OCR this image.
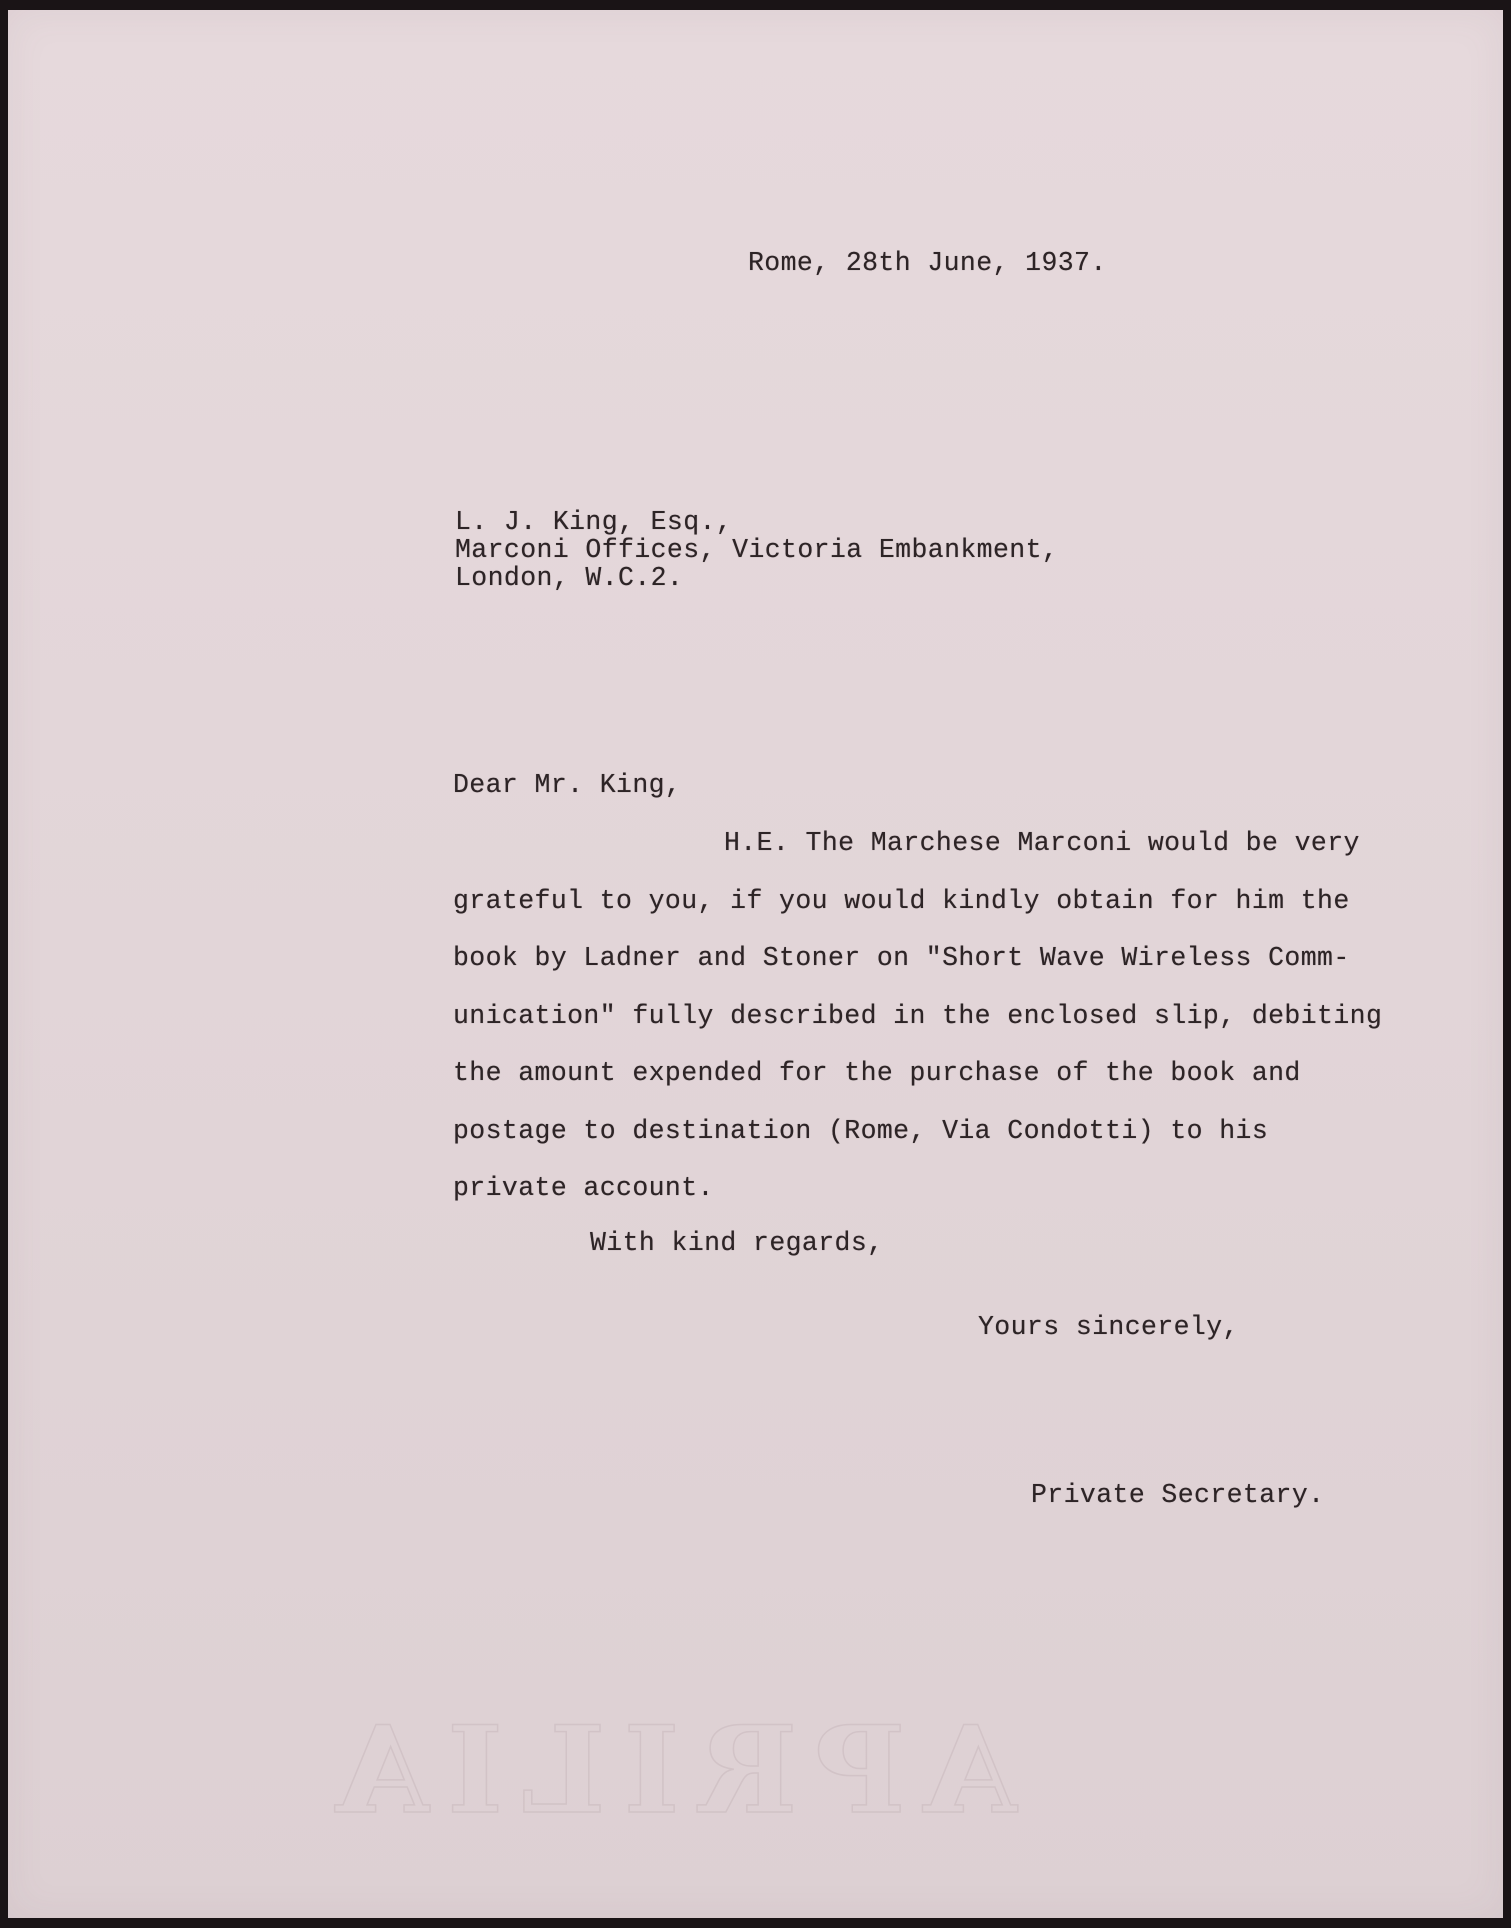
Rome, 28th June, 1937.
L. J. King, Esq.,
Marconi Offices, Victoria Embankment,
London, W.C.2.
Dear Mr. King,
H.E. The Marchese Marconi would be very
grateful to you, if you would kindly obtain for him the
book by Ladner and Stoner on "Short Wave Wireless Comm-
unication" fully described in the enclosed slip, debiting
the amount expended for the purchase of the book and
postage to destination (Rome, Via Condotti) to his
private account.
With kind regards,
Yours sincerely,
Private Secretary.
APRILIA
